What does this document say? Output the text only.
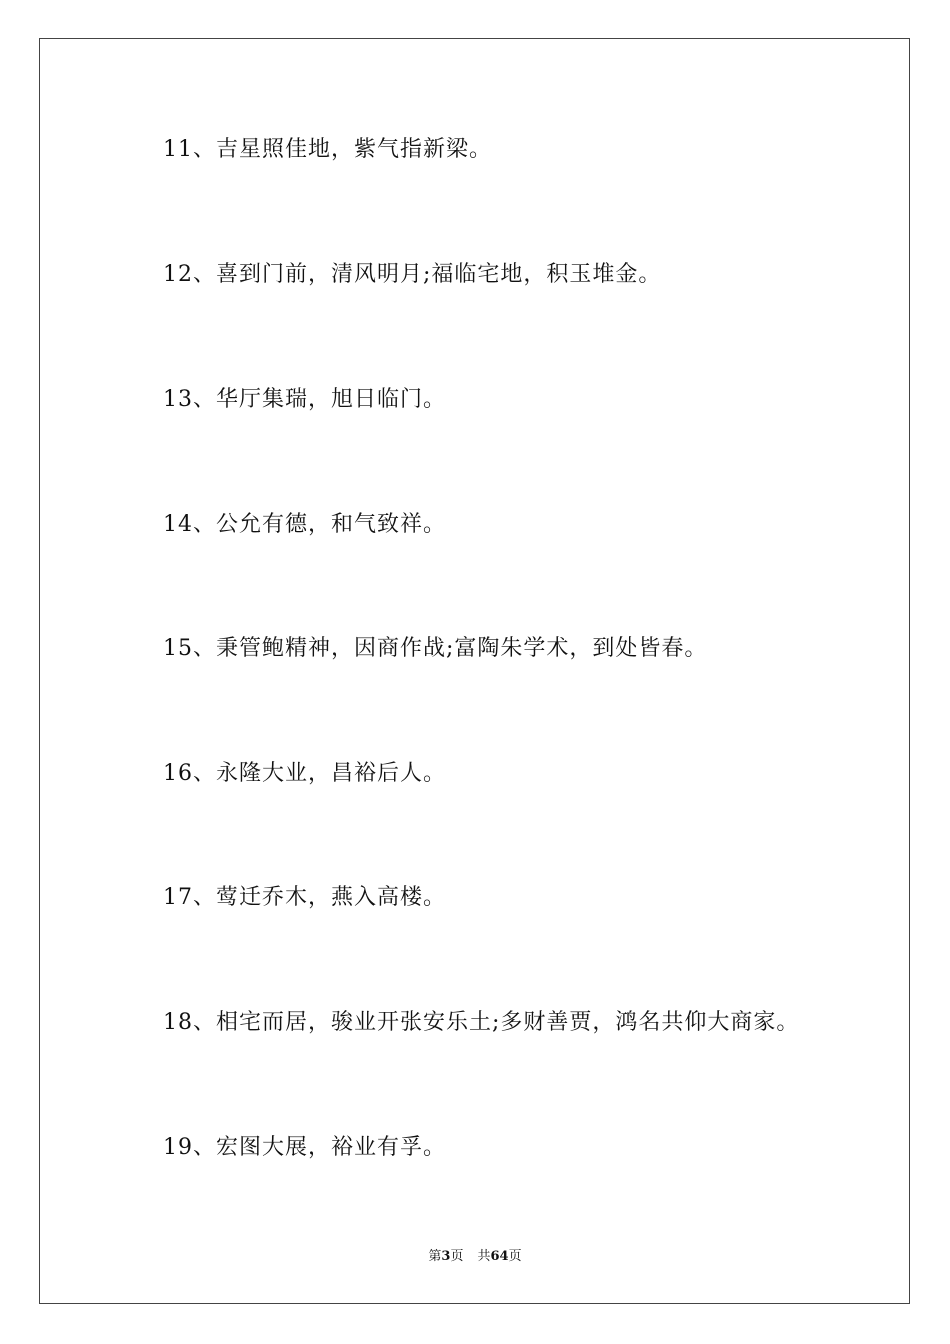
11、吉星照佳地，紫气指新梁。
12、喜到门前，清风明月;福临宅地，积玉堆金。
13、华厅集瑞，旭日临门。
14、公允有德，和气致祥。
15、秉管鲍精神，因商作战;富陶朱学术，到处皆春。
16、永隆大业，昌裕后人。
17、莺迁乔木，燕入高楼。
18、相宅而居，骏业开张安乐土;多财善贾，鸿名共仰大商家。
19、宏图大展，裕业有孚。
第3页 共64页
